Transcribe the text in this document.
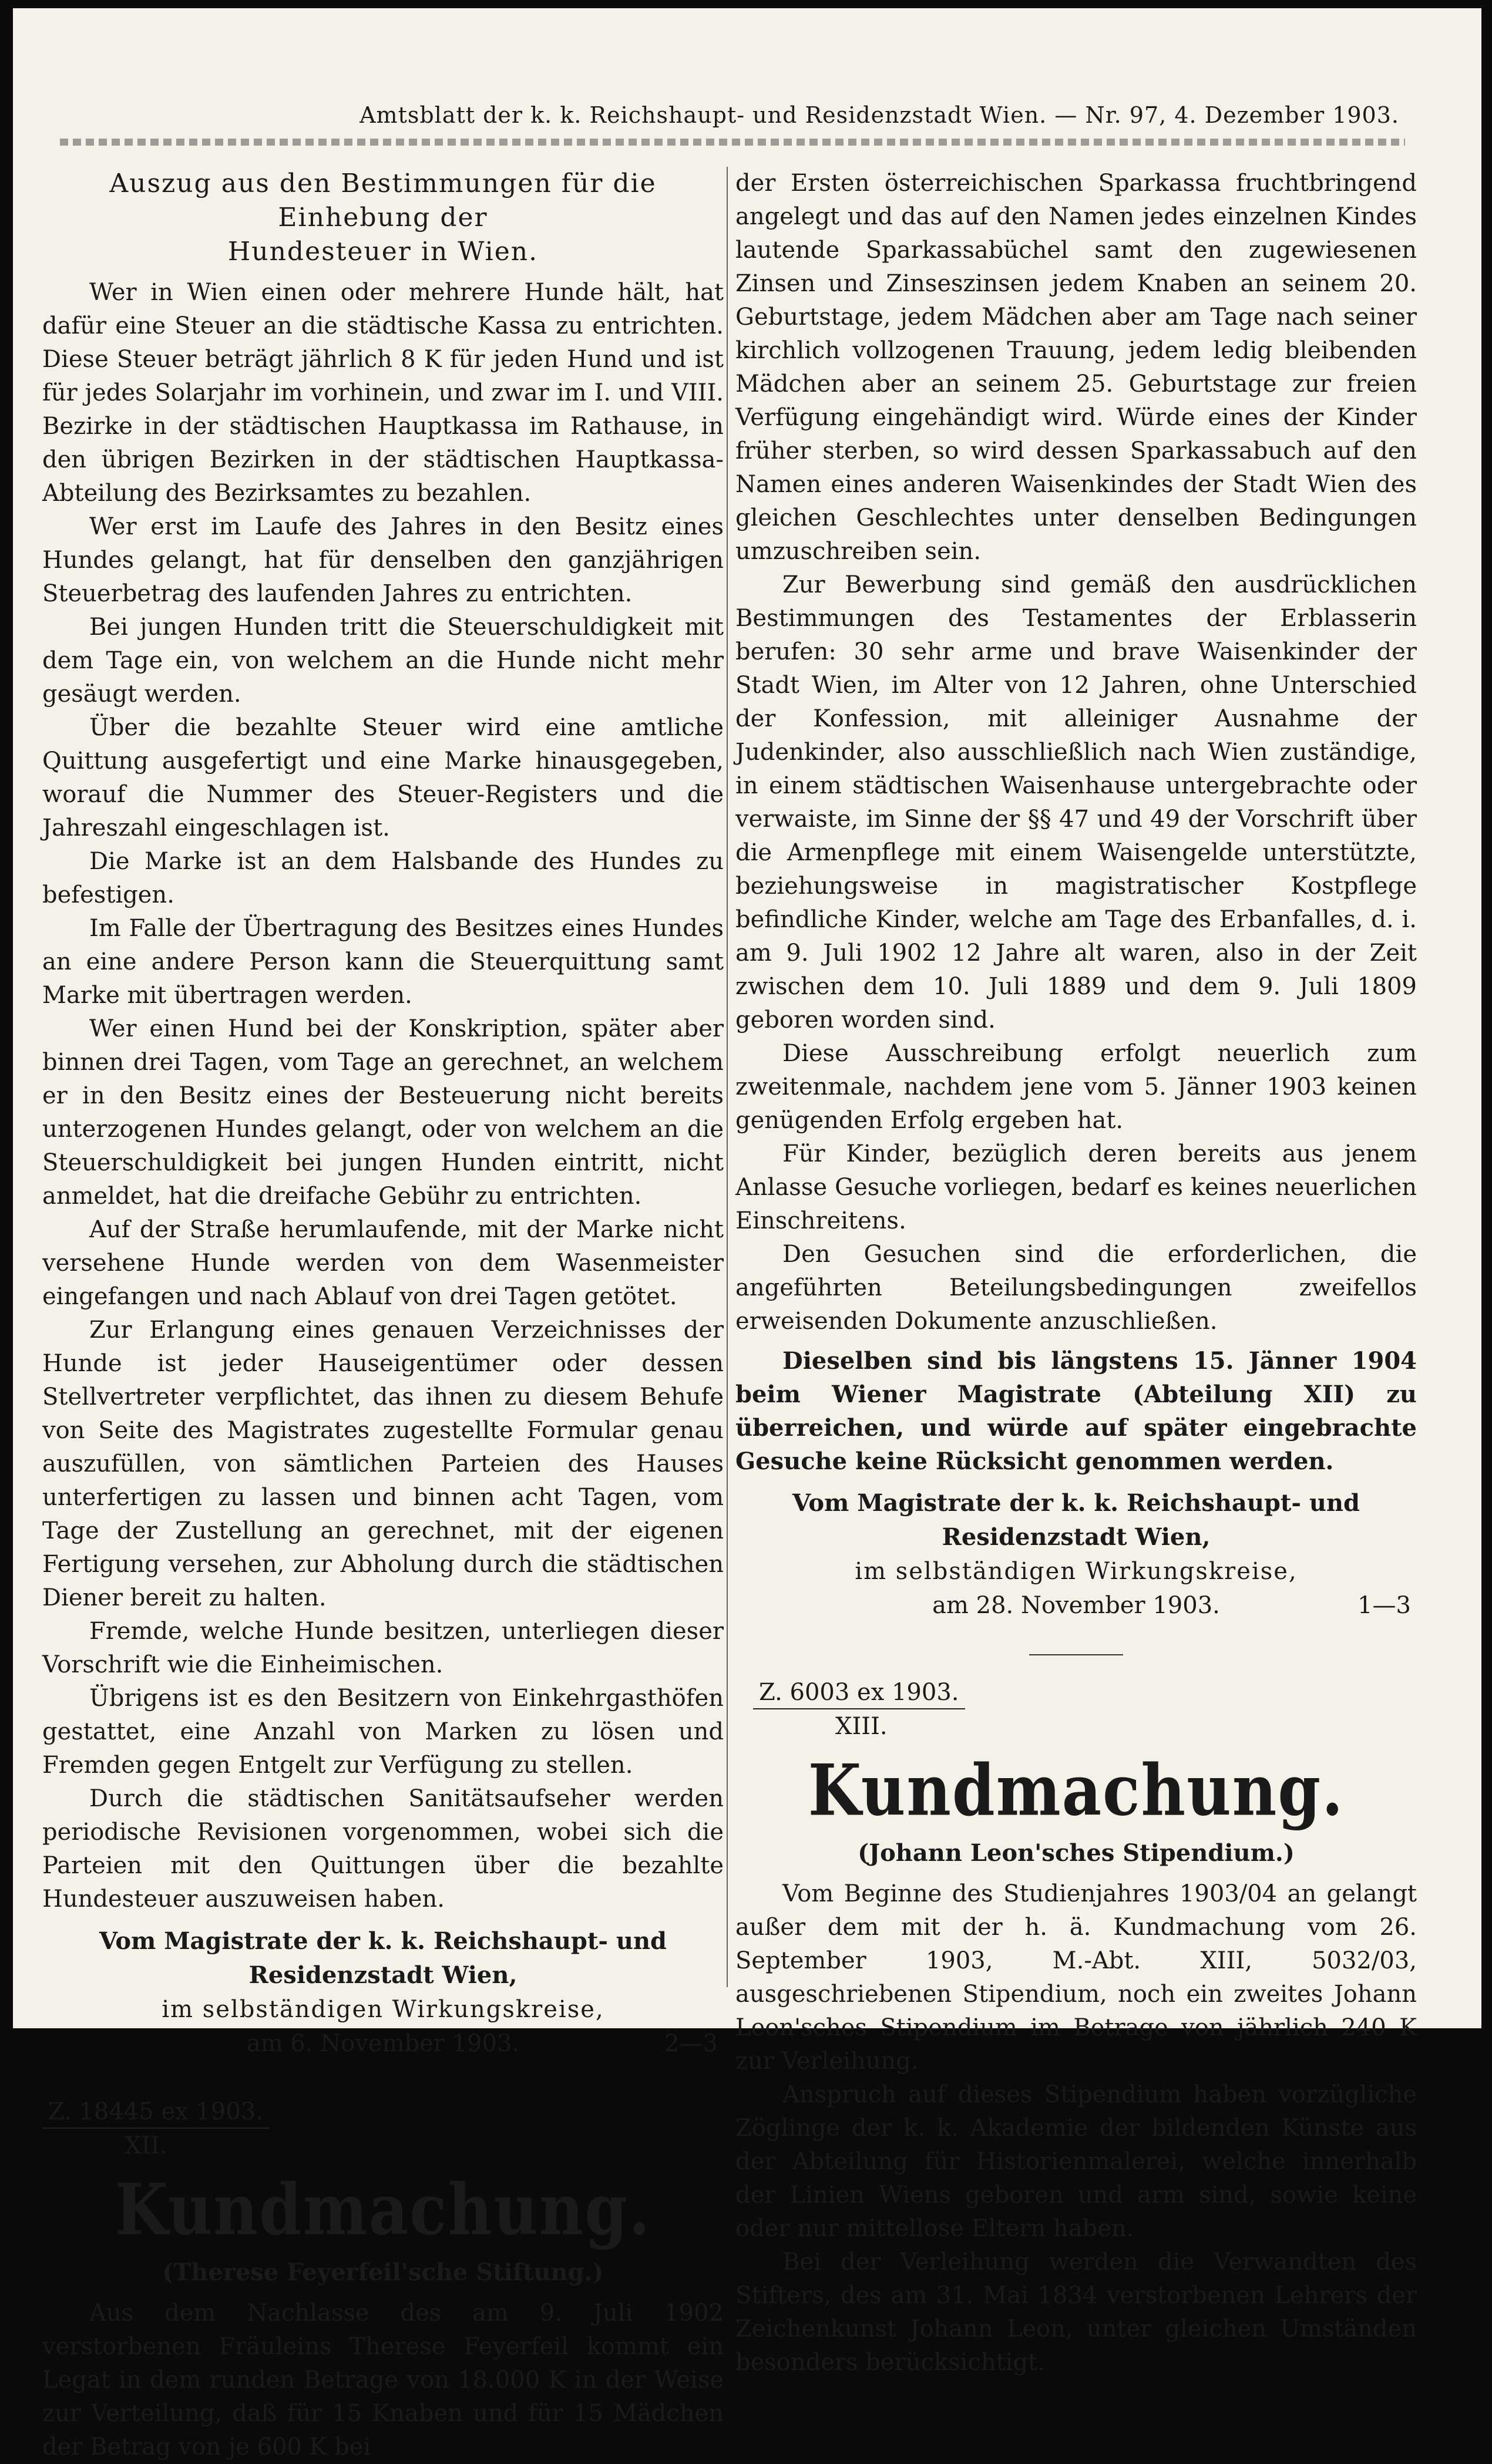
Amtsblatt der k. k. Reichshaupt- und Residenzstadt Wien. — Nr. 97, 4. Dezember 1903.
Auszug aus den Bestimmungen für die Einhebung der
Hundesteuer in Wien.

Wer in Wien einen oder mehrere Hunde hält, hat dafür eine Steuer an die städtische Kassa zu entrichten. Diese Steuer beträgt jährlich 8 K für jeden Hund und ist für jedes Solarjahr im vorhinein, und zwar im I. und VIII. Bezirke in der städtischen Hauptkassa im Rathause, in den übrigen Bezirken in der städtischen Hauptkassa-Abteilung des Bezirksamtes zu bezahlen.

Wer erst im Laufe des Jahres in den Besitz eines Hundes gelangt, hat für denselben den ganzjährigen Steuerbetrag des laufenden Jahres zu entrichten.

Bei jungen Hunden tritt die Steuerschuldigkeit mit dem Tage ein, von welchem an die Hunde nicht mehr gesäugt werden.

Über die bezahlte Steuer wird eine amtliche Quittung ausgefertigt und eine Marke hinausgegeben, worauf die Nummer des Steuer-Registers und die Jahreszahl eingeschlagen ist.

Die Marke ist an dem Halsbande des Hundes zu befestigen.

Im Falle der Übertragung des Besitzes eines Hundes an eine andere Person kann die Steuerquittung samt Marke mit übertragen werden.

Wer einen Hund bei der Konskription, später aber binnen drei Tagen, vom Tage an gerechnet, an welchem er in den Besitz eines der Besteuerung nicht bereits unterzogenen Hundes gelangt, oder von welchem an die Steuerschuldigkeit bei jungen Hunden eintritt, nicht anmeldet, hat die dreifache Gebühr zu entrichten.

Auf der Straße herumlaufende, mit der Marke nicht versehene Hunde werden von dem Wasenmeister eingefangen und nach Ablauf von drei Tagen getötet.

Zur Erlangung eines genauen Verzeichnisses der Hunde ist jeder Hauseigentümer oder dessen Stellvertreter verpflichtet, das ihnen zu diesem Behufe von Seite des Magistrates zugestellte Formular genau auszufüllen, von sämtlichen Parteien des Hauses unterfertigen zu lassen und binnen acht Tagen, vom Tage der Zustellung an gerechnet, mit der eigenen Fertigung versehen, zur Abholung durch die städtischen Diener bereit zu halten.

Fremde, welche Hunde besitzen, unterliegen dieser Vorschrift wie die Einheimischen.

Übrigens ist es den Besitzern von Einkehrgasthöfen gestattet, eine Anzahl von Marken zu lösen und Fremden gegen Entgelt zur Verfügung zu stellen.

Durch die städtischen Sanitätsaufseher werden periodische Revisionen vorgenommen, wobei sich die Parteien mit den Quittungen über die bezahlte Hundesteuer auszuweisen haben.

Vom Magistrate der k. k. Reichshaupt- und Residenzstadt Wien,
im selbständigen Wirkungskreise,
am 6. November 1903.	2—3
Z. 18445 ex 1903.
XII.
Kundmachung.
(Therese Feyerfeil'sche Stiftung.)

Aus dem Nachlasse des am 9. Juli 1902 verstorbenen Fräuleins Therese Feyerfeil kommt ein Legat in dem runden Betrage von 18.000 K in der Weise zur Verteilung, daß für 15 Knaben und für 15 Mädchen der Betrag von je 600 K bei

der Ersten österreichischen Sparkassa fruchtbringend angelegt und das auf den Namen jedes einzelnen Kindes lautende Sparkassabüchel samt den zugewiesenen Zinsen und Zinseszinsen jedem Knaben an seinem 20. Geburtstage, jedem Mädchen aber am Tage nach seiner kirchlich vollzogenen Trauung, jedem ledig bleibenden Mädchen aber an seinem 25. Geburtstage zur freien Verfügung eingehändigt wird. Würde eines der Kinder früher sterben, so wird dessen Sparkassabuch auf den Namen eines anderen Waisenkindes der Stadt Wien des gleichen Geschlechtes unter denselben Bedingungen umzuschreiben sein.

Zur Bewerbung sind gemäß den ausdrücklichen Bestimmungen des Testamentes der Erblasserin berufen: 30 sehr arme und brave Waisenkinder der Stadt Wien, im Alter von 12 Jahren, ohne Unterschied der Konfession, mit alleiniger Ausnahme der Judenkinder, also ausschließlich nach Wien zuständige, in einem städtischen Waisenhause untergebrachte oder verwaiste, im Sinne der §§ 47 und 49 der Vorschrift über die Armenpflege mit einem Waisengelde unterstützte, beziehungsweise in magistratischer Kostpflege befindliche Kinder, welche am Tage des Erbanfalles, d. i. am 9. Juli 1902 12 Jahre alt waren, also in der Zeit zwischen dem 10. Juli 1889 und dem 9. Juli 1809 geboren worden sind.

Diese Ausschreibung erfolgt neuerlich zum zweitenmale, nachdem jene vom 5. Jänner 1903 keinen genügenden Erfolg ergeben hat.

Für Kinder, bezüglich deren bereits aus jenem Anlasse Gesuche vorliegen, bedarf es keines neuerlichen Einschreitens.

Den Gesuchen sind die erforderlichen, die angeführten Beteilungsbedingungen zweifellos erweisenden Dokumente anzuschließen.

Dieselben sind bis längstens 15. Jänner 1904 beim Wiener Magistrate (Abteilung XII) zu überreichen, und würde auf später eingebrachte Gesuche keine Rücksicht genommen werden.

Vom Magistrate der k. k. Reichshaupt- und Residenzstadt Wien,
im selbständigen Wirkungskreise,
am 28. November 1903.	1—3
Z. 6003 ex 1903.
XIII.
Kundmachung.
(Johann Leon'sches Stipendium.)

Vom Beginne des Studienjahres 1903/04 an gelangt außer dem mit der h. ä. Kundmachung vom 26. September 1903, M.-Abt. XIII, 5032/03, ausgeschriebenen Stipendium, noch ein zweites Johann Leon'sches Stipendium im Betrage von jährlich 240 K zur Verleihung.

Anspruch auf dieses Stipendium haben vorzügliche Zöglinge der k. k. Akademie der bildenden Künste aus der Abteilung für Historienmalerei, welche innerhalb der Linien Wiens geboren und arm sind, sowie keine oder nur mittellose Eltern haben.

Bei der Verleihung werden die Verwandten des Stifters, des am 31. Mai 1834 verstorbenen Lehrers der Zeichenkunst Johann Leon, unter gleichen Umständen besonders berücksichtigt.
